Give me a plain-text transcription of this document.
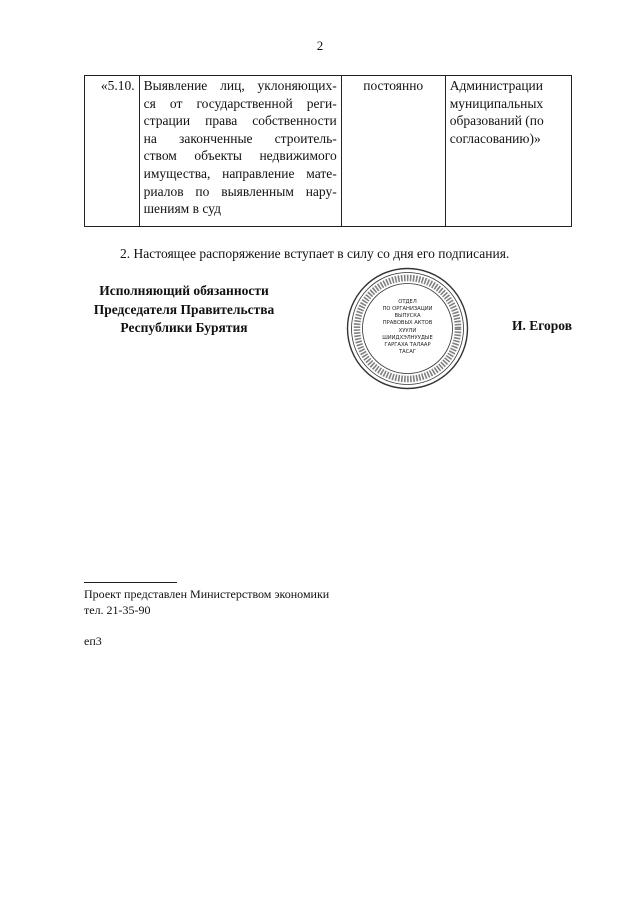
2
«5.10.	Выявление лиц, уклоняющих-
ся от государственной реги-
страции права собственности
на законченные строитель-
ством объекты недвижимого
имущества, направление мате-
риалов по выявленным нару-
шениям в суд
	постоянно	Администрации
муниципальных
образований (по
согласованию)»
2. Настоящее распоряжение вступает в силу со дня его подписания.
Исполняющий обязанности
Председателя Правительства
Республики Бурятия
ОТДЕЛ
ПО ОРГАНИЗАЦИИ
ВЫПУСКА
ПРАВОВЫХ АКТОВ
ХУУЛИ
ШИИДХЭЛНУУДЫЕ
ГАРГАХА ТАЛААР
ТАСАГ
И. Егоров
Проект представлен Министерством экономики
тел. 21-35-90
еп3
